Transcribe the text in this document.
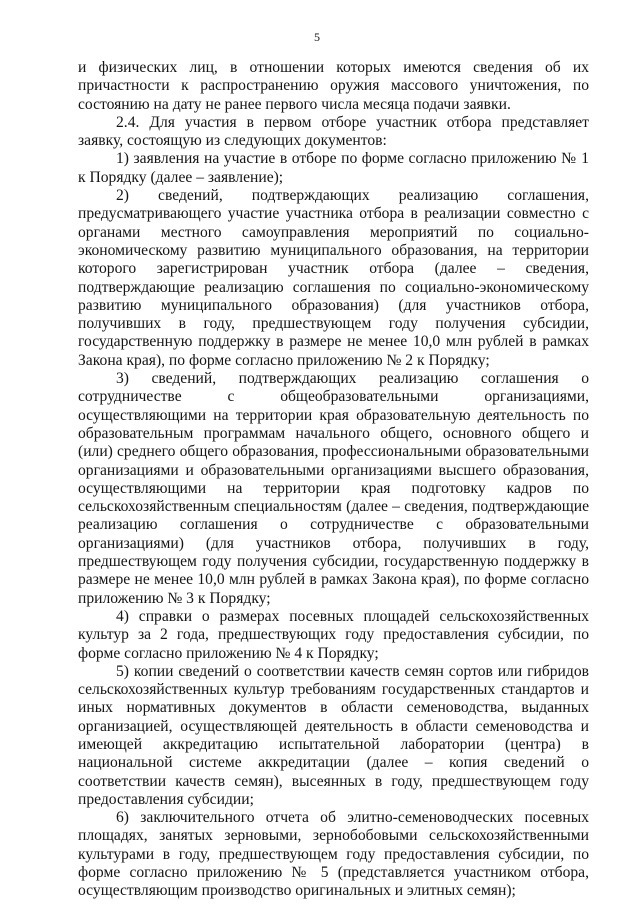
5

и физических лиц, в отношении которых имеются сведения об их причастности к распространению оружия массового уничтожения, по состоянию на дату не ранее первого числа месяца подачи заявки.

2.4. Для участия в первом отборе участник отбора представляет заявку, состоящую из следующих документов:

1) заявления на участие в отборе по форме согласно приложению № 1 к Порядку (далее – заявление);

2) сведений, подтверждающих реализацию соглашения, предусматривающего участие участника отбора в реализации совместно с органами местного самоуправления мероприятий по социально-экономическому развитию муниципального образования, на территории которого зарегистрирован участник отбора (далее – сведения, подтверждающие реализацию соглашения по социально-экономическому развитию муниципального образования) (для участников отбора, получивших в году, предшествующем году получения субсидии, государственную поддержку в размере не менее 10,0 млн рублей в рамках Закона края), по форме согласно приложению № 2 к Порядку;

3) сведений, подтверждающих реализацию соглашения о сотрудничестве с общеобразовательными организациями, осуществляющими на территории края образовательную деятельность по образовательным программам начального общего, основного общего и (или) среднего общего образования, профессиональными образовательными организациями и образовательными организациями высшего образования, осуществляющими на территории края подготовку кадров по сельскохозяйственным специальностям (далее – сведения, подтверждающие реализацию соглашения о сотрудничестве с образовательными организациями) (для участников отбора, получивших в году, предшествующем году получения субсидии, государственную поддержку в размере не менее 10,0 млн рублей в рамках Закона края), по форме согласно приложению № 3 к Порядку;

4) справки о размерах посевных площадей сельскохозяйственных культур за 2 года, предшествующих году предоставления субсидии, по форме согласно приложению № 4 к Порядку;

5) копии сведений о соответствии качеств семян сортов или гибридов сельскохозяйственных культур требованиям государственных стандартов и иных нормативных документов в области семеноводства, выданных организацией, осуществляющей деятельность в области семеноводства и имеющей аккредитацию испытательной лаборатории (центра) в национальной системе аккредитации (далее – копия сведений о соответствии качеств семян), высеянных в году, предшествующем году предоставления субсидии;

6) заключительного отчета об элитно-семеноводческих посевных площадях, занятых зерновыми, зернобобовыми сельскохозяйственными культурами в году, предшествующем году предоставления субсидии, по форме согласно приложению № 5 (представляется участником отбора, осуществляющим производство оригинальных и элитных семян);
